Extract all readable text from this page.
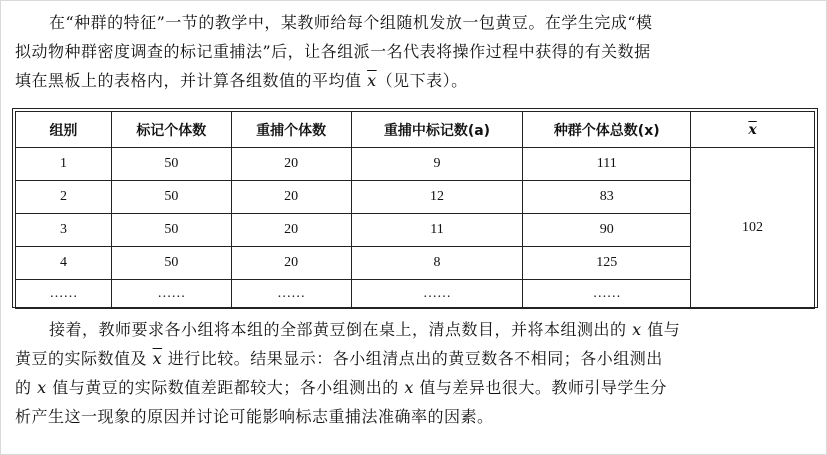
在“种群的特征”一节的教学中，某教师给每个组随机发放一包黄豆。在学生完成“模

拟动物种群密度调查的标记重捕法”后，让各组派一名代表将操作过程中获得的有关数据

填在黑板上的表格内，并计算各组数值的平均值 $\overline{x}$（见下表）。

组别	标记个体数	重捕个体数	重捕中标记数(a)	种群个体总数(x)	$\overline{x}$
1	50	20	9	111	102
2	50	20	12	83	
3	50	20	11	90	
4	50	20	8	125	
……	……	……	……	……	

接着，教师要求各小组将本组的全部黄豆倒在桌上，清点数目，并将本组测出的 x 值与

黄豆的实际数值及 $\overline{x}$ 进行比较。结果显示：各小组清点出的黄豆数各不相同；各小组测出

的 x 值与黄豆的实际数值差距都较大；各小组测出的 x 值与差异也很大。教师引导学生分

析产生这一现象的原因并讨论可能影响标志重捕法准确率的因素。
